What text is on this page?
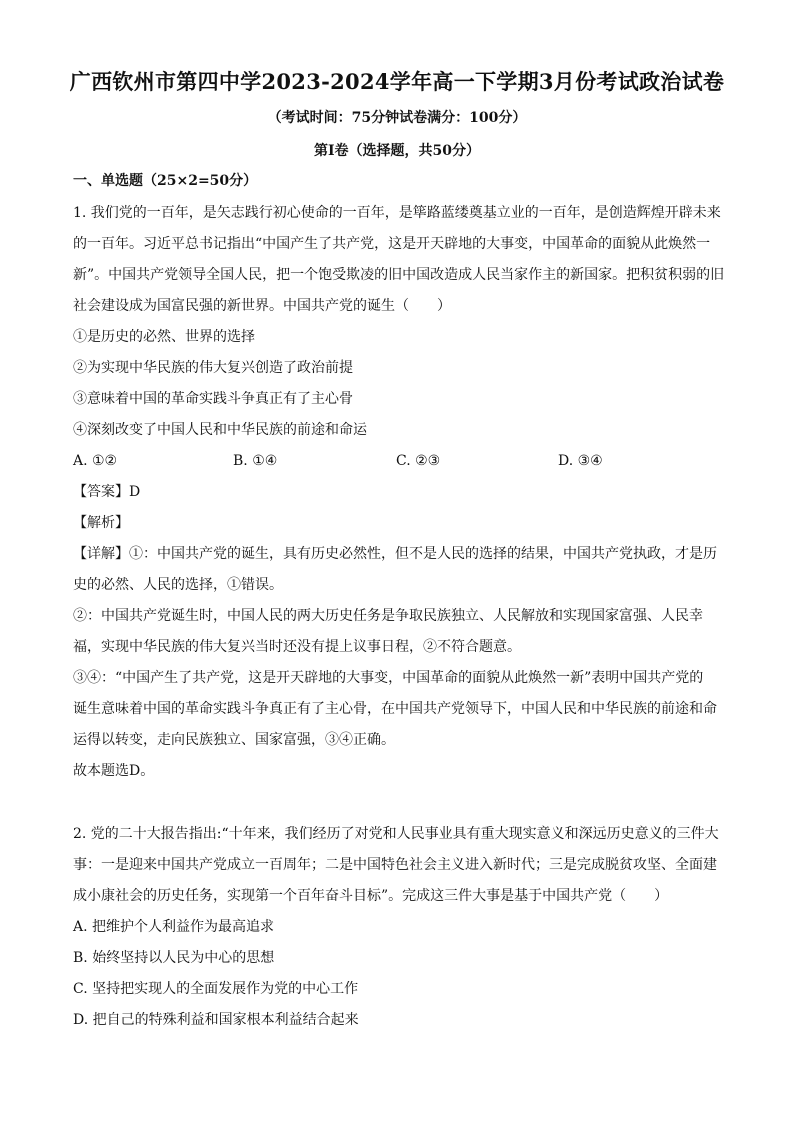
广西钦州市第四中学2023-2024学年高一下学期3月份考试政治试卷
（考试时间：75分钟试卷满分：100分）
第Ⅰ卷（选择题，共50分）
一、单选题（25×2=50分）
1. 我们党的一百年，是矢志践行初心使命的一百年，是筚路蓝缕奠基立业的一百年，是创造辉煌开辟未来
的一百年。习近平总书记指出“中国产生了共产党，这是开天辟地的大事变，中国革命的面貌从此焕然一
新”。中国共产党领导全国人民，把一个饱受欺凌的旧中国改造成人民当家作主的新国家。把积贫积弱的旧
社会建设成为国富民强的新世界。中国共产党的诞生（　　）
①是历史的必然、世界的选择
②为实现中华民族的伟大复兴创造了政治前提
③意味着中国的革命实践斗争真正有了主心骨
④深刻改变了中国人民和中华民族的前途和命运
A. ①②	B. ①④	C. ②③	D. ③④
【答案】D
【解析】
【详解】①：中国共产党的诞生，具有历史必然性，但不是人民的选择的结果，中国共产党执政，才是历
史的必然、人民的选择，①错误。
②：中国共产党诞生时，中国人民的两大历史任务是争取民族独立、人民解放和实现国家富强、人民幸
福，实现中华民族的伟大复兴当时还没有提上议事日程，②不符合题意。
③④：“中国产生了共产党，这是开天辟地的大事变，中国革命的面貌从此焕然一新”表明中国共产党的
诞生意味着中国的革命实践斗争真正有了主心骨，在中国共产党领导下，中国人民和中华民族的前途和命
运得以转变，走向民族独立、国家富强，③④正确。
故本题选D。
2. 党的二十大报告指出:“十年来，我们经历了对党和人民事业具有重大现实意义和深远历史意义的三件大
事：一是迎来中国共产党成立一百周年；二是中国特色社会主义进入新时代；三是完成脱贫攻坚、全面建
成小康社会的历史任务，实现第一个百年奋斗目标”。完成这三件大事是基于中国共产党（　　）
A. 把维护个人利益作为最高追求
B. 始终坚持以人民为中心的思想
C. 坚持把实现人的全面发展作为党的中心工作
D. 把自己的特殊利益和国家根本利益结合起来
